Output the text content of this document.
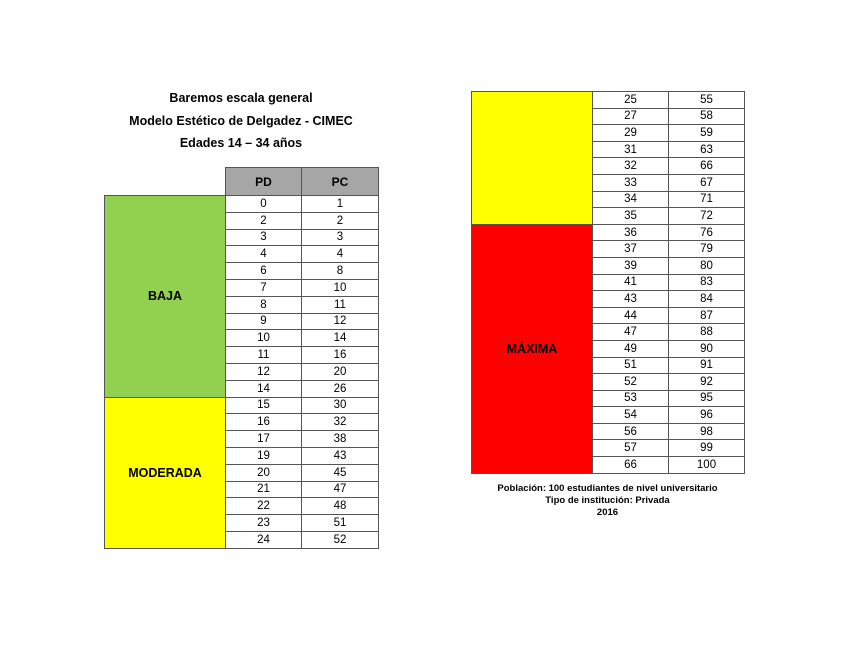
Baremos escala general
Modelo Estético de Delgadez - CIMEC
Edades 14 – 34 años
	PD	PC
BAJA	0	1
	2	2
	3	3
	4	4
	6	8
	7	10
	8	11
	9	12
	10	14
	11	16
	12	20
	14	26
MODERADA	15	30
	16	32
	17	38
	19	43
	20	45
	21	47
	22	48
	23	51
	24	52
	25	55
	27	58
	29	59
	31	63
	32	66
	33	67
	34	71
	35	72
MÁXIMA	36	76
	37	79
	39	80
	41	83
	43	84
	44	87
	47	88
	49	90
	51	91
	52	92
	53	95
	54	96
	56	98
	57	99
	66	100
Población: 100 estudiantes de nivel universitario
Tipo de institución: Privada
2016
